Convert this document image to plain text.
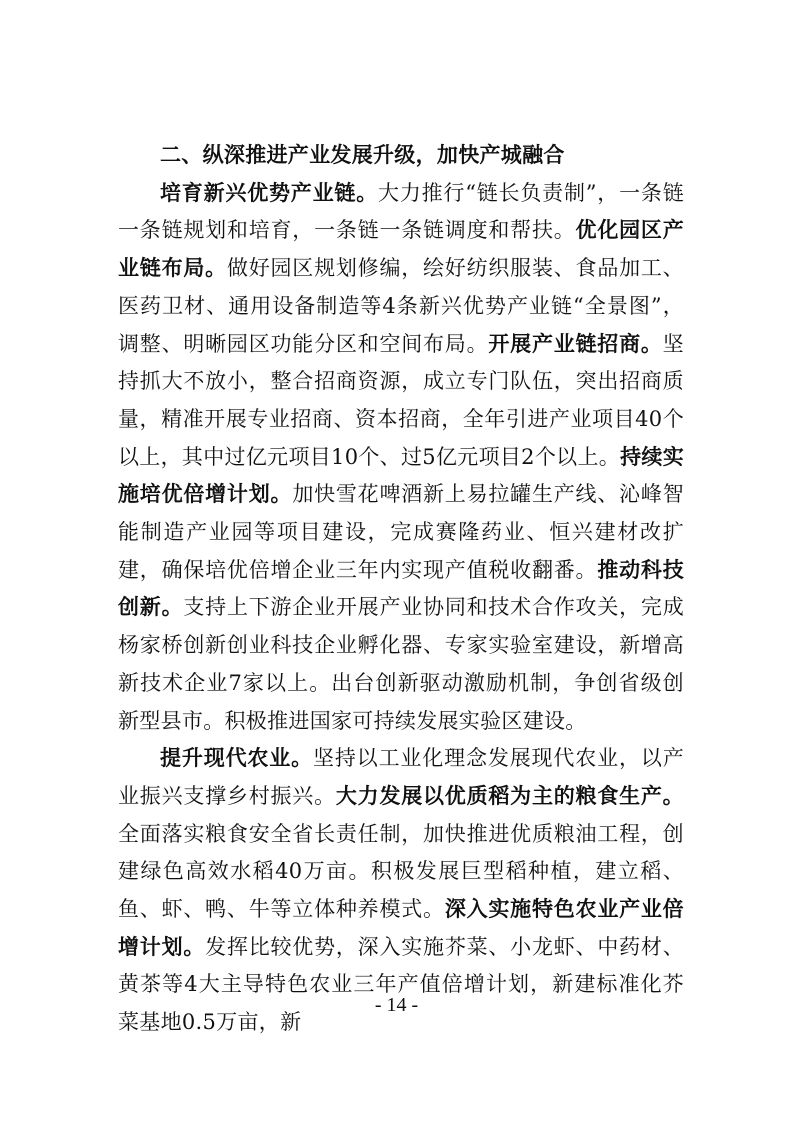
二、纵深推进产业发展升级，加快产城融合

培育新兴优势产业链。大力推行“链长负责制”，一条链一条链规划和培育，一条链一条链调度和帮扶。优化园区产业链布局。做好园区规划修编，绘好纺织服装、食品加工、医药卫材、通用设备制造等4条新兴优势产业链“全景图”，调整、明晰园区功能分区和空间布局。开展产业链招商。坚持抓大不放小，整合招商资源，成立专门队伍，突出招商质量，精准开展专业招商、资本招商，全年引进产业项目40个以上，其中过亿元项目10个、过5亿元项目2个以上。持续实施培优倍增计划。加快雪花啤酒新上易拉罐生产线、沁峰智能制造产业园等项目建设，完成赛隆药业、恒兴建材改扩建，确保培优倍增企业三年内实现产值税收翻番。推动科技创新。支持上下游企业开展产业协同和技术合作攻关，完成杨家桥创新创业科技企业孵化器、专家实验室建设，新增高新技术企业7家以上。出台创新驱动激励机制，争创省级创新型县市。积极推进国家可持续发展实验区建设。

提升现代农业。坚持以工业化理念发展现代农业，以产业振兴支撑乡村振兴。大力发展以优质稻为主的粮食生产。全面落实粮食安全省长责任制，加快推进优质粮油工程，创建绿色高效水稻40万亩。积极发展巨型稻种植，建立稻、鱼、虾、鸭、牛等立体种养模式。深入实施特色农业产业倍增计划。发挥比较优势，深入实施芥菜、小龙虾、中药材、黄茶等4大主导特色农业三年产值倍增计划，新建标准化芥菜基地0.5万亩，新

- 14 -
